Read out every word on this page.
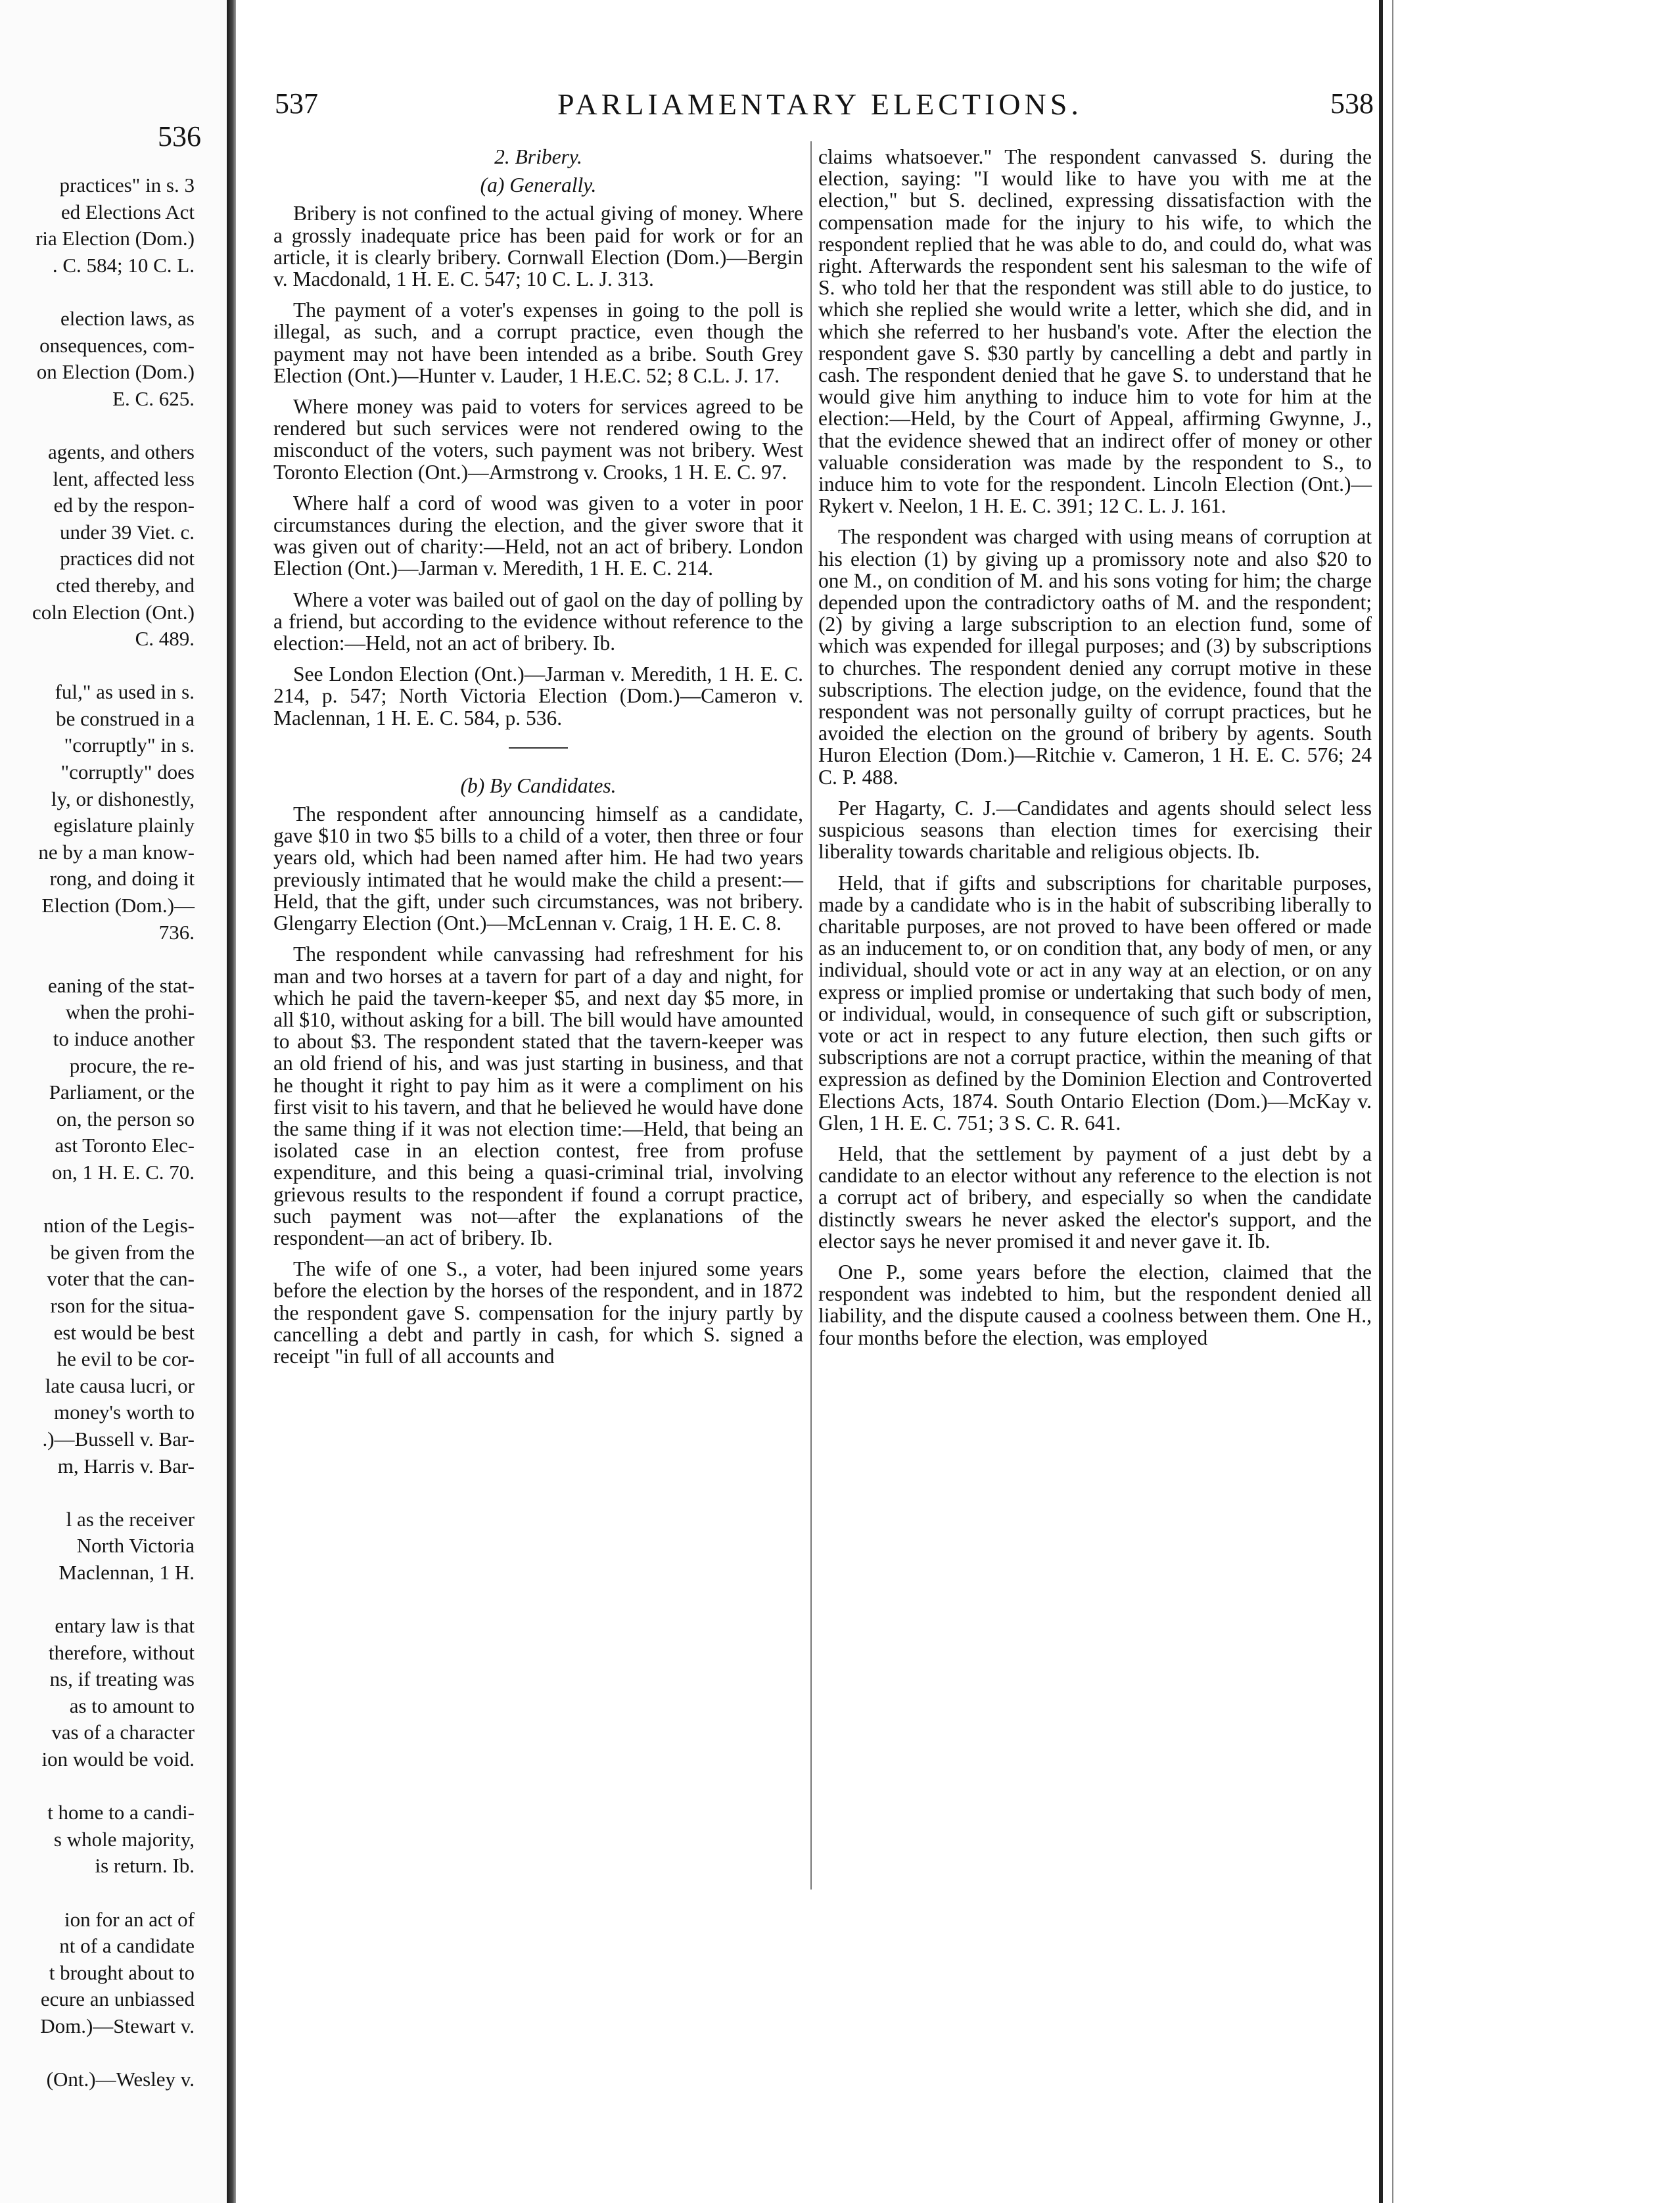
536
practices" in s. 3
ed Elections Act
ria Election (Dom.)
. C. 584; 10 C. L.
election laws, as
onsequences, com-
on Election (Dom.)
E. C. 625.
agents, and others
lent, affected less
ed by the respon-
under 39 Viet. c.
practices did not
cted thereby, and
coln Election (Ont.)
C. 489.
ful," as used in s.
be construed in a
"corruptly" in s.
"corruptly" does
ly, or dishonestly,
egislature plainly
ne by a man know-
rong, and doing it
Election (Dom.)—
736.
eaning of the stat-
when the prohi-
to induce another
procure, the re-
Parliament, or the
on, the person so
ast Toronto Elec-
on, 1 H. E. C. 70.
ntion of the Legis-
be given from the
voter that the can-
rson for the situa-
est would be best
he evil to be cor-
late causa lucri, or
money's worth to
.)—Bussell v. Bar-
m, Harris v. Bar-
l as the receiver
North Victoria
Maclennan, 1 H.
entary law is that
therefore, without
ns, if treating was
as to amount to
vas of a character
ion would be void.
t home to a candi-
s whole majority,
is return. Ib.
ion for an act of
nt of a candidate
t brought about to
ecure an unbiassed
Dom.)—Stewart v.
(Ont.)—Wesley v.
537	PARLIAMENTARY ELECTIONS.	538
2. Bribery.
(a) Generally.

Bribery is not confined to the actual giving of money. Where a grossly inadequate price has been paid for work or for an article, it is clearly bribery. Cornwall Election (Dom.)—Bergin v. Macdonald, 1 H. E. C. 547; 10 C. L. J. 313.

The payment of a voter's expenses in going to the poll is illegal, as such, and a corrupt practice, even though the payment may not have been intended as a bribe. South Grey Election (Ont.)—Hunter v. Lauder, 1 H.E.C. 52; 8 C.L. J. 17.

Where money was paid to voters for services agreed to be rendered but such services were not rendered owing to the misconduct of the voters, such payment was not bribery. West Toronto Election (Ont.)—Armstrong v. Crooks, 1 H. E. C. 97.

Where half a cord of wood was given to a voter in poor circumstances during the election, and the giver swore that it was given out of charity:—Held, not an act of bribery. London Election (Ont.)—Jarman v. Meredith, 1 H. E. C. 214.

Where a voter was bailed out of gaol on the day of polling by a friend, but according to the evidence without reference to the election:—Held, not an act of bribery. Ib.

See London Election (Ont.)—Jarman v. Meredith, 1 H. E. C. 214, p. 547; North Victoria Election (Dom.)—Cameron v. Maclennan, 1 H. E. C. 584, p. 536.

(b) By Candidates.

The respondent after announcing himself as a candidate, gave $10 in two $5 bills to a child of a voter, then three or four years old, which had been named after him. He had two years previously intimated that he would make the child a present:—Held, that the gift, under such circumstances, was not bribery. Glengarry Election (Ont.)—McLennan v. Craig, 1 H. E. C. 8.

The respondent while canvassing had refreshment for his man and two horses at a tavern for part of a day and night, for which he paid the tavern-keeper $5, and next day $5 more, in all $10, without asking for a bill. The bill would have amounted to about $3. The respondent stated that the tavern-keeper was an old friend of his, and was just starting in business, and that he thought it right to pay him as it were a compliment on his first visit to his tavern, and that he believed he would have done the same thing if it was not election time:—Held, that being an isolated case in an election contest, free from profuse expenditure, and this being a quasi-criminal trial, involving grievous results to the respondent if found a corrupt practice, such payment was not—after the explanations of the respondent—an act of bribery. Ib.

The wife of one S., a voter, had been injured some years before the election by the horses of the respondent, and in 1872 the respondent gave S. compensation for the injury partly by cancelling a debt and partly in cash, for which S. signed a receipt "in full of all accounts and

claims whatsoever." The respondent canvassed S. during the election, saying: "I would like to have you with me at the election," but S. declined, expressing dissatisfaction with the compensation made for the injury to his wife, to which the respondent replied that he was able to do, and could do, what was right. Afterwards the respondent sent his salesman to the wife of S. who told her that the respondent was still able to do justice, to which she replied she would write a letter, which she did, and in which she referred to her husband's vote. After the election the respondent gave S. $30 partly by cancelling a debt and partly in cash. The respondent denied that he gave S. to understand that he would give him anything to induce him to vote for him at the election:—Held, by the Court of Appeal, affirming Gwynne, J., that the evidence shewed that an indirect offer of money or other valuable consideration was made by the respondent to S., to induce him to vote for the respondent. Lincoln Election (Ont.)—Rykert v. Neelon, 1 H. E. C. 391; 12 C. L. J. 161.

The respondent was charged with using means of corruption at his election (1) by giving up a promissory note and also $20 to one M., on condition of M. and his sons voting for him; the charge depended upon the contradictory oaths of M. and the respondent; (2) by giving a large subscription to an election fund, some of which was expended for illegal purposes; and (3) by subscriptions to churches. The respondent denied any corrupt motive in these subscriptions. The election judge, on the evidence, found that the respondent was not personally guilty of corrupt practices, but he avoided the election on the ground of bribery by agents. South Huron Election (Dom.)—Ritchie v. Cameron, 1 H. E. C. 576; 24 C. P. 488.

Per Hagarty, C. J.—Candidates and agents should select less suspicious seasons than election times for exercising their liberality towards charitable and religious objects. Ib.

Held, that if gifts and subscriptions for charitable purposes, made by a candidate who is in the habit of subscribing liberally to charitable purposes, are not proved to have been offered or made as an inducement to, or on condition that, any body of men, or any individual, should vote or act in any way at an election, or on any express or implied promise or undertaking that such body of men, or individual, would, in consequence of such gift or subscription, vote or act in respect to any future election, then such gifts or subscriptions are not a corrupt practice, within the meaning of that expression as defined by the Dominion Election and Controverted Elections Acts, 1874. South Ontario Election (Dom.)—McKay v. Glen, 1 H. E. C. 751; 3 S. C. R. 641.

Held, that the settlement by payment of a just debt by a candidate to an elector without any reference to the election is not a corrupt act of bribery, and especially so when the candidate distinctly swears he never asked the elector's support, and the elector says he never promised it and never gave it. Ib.

One P., some years before the election, claimed that the respondent was indebted to him, but the respondent denied all liability, and the dispute caused a coolness between them. One H., four months before the election, was employed
